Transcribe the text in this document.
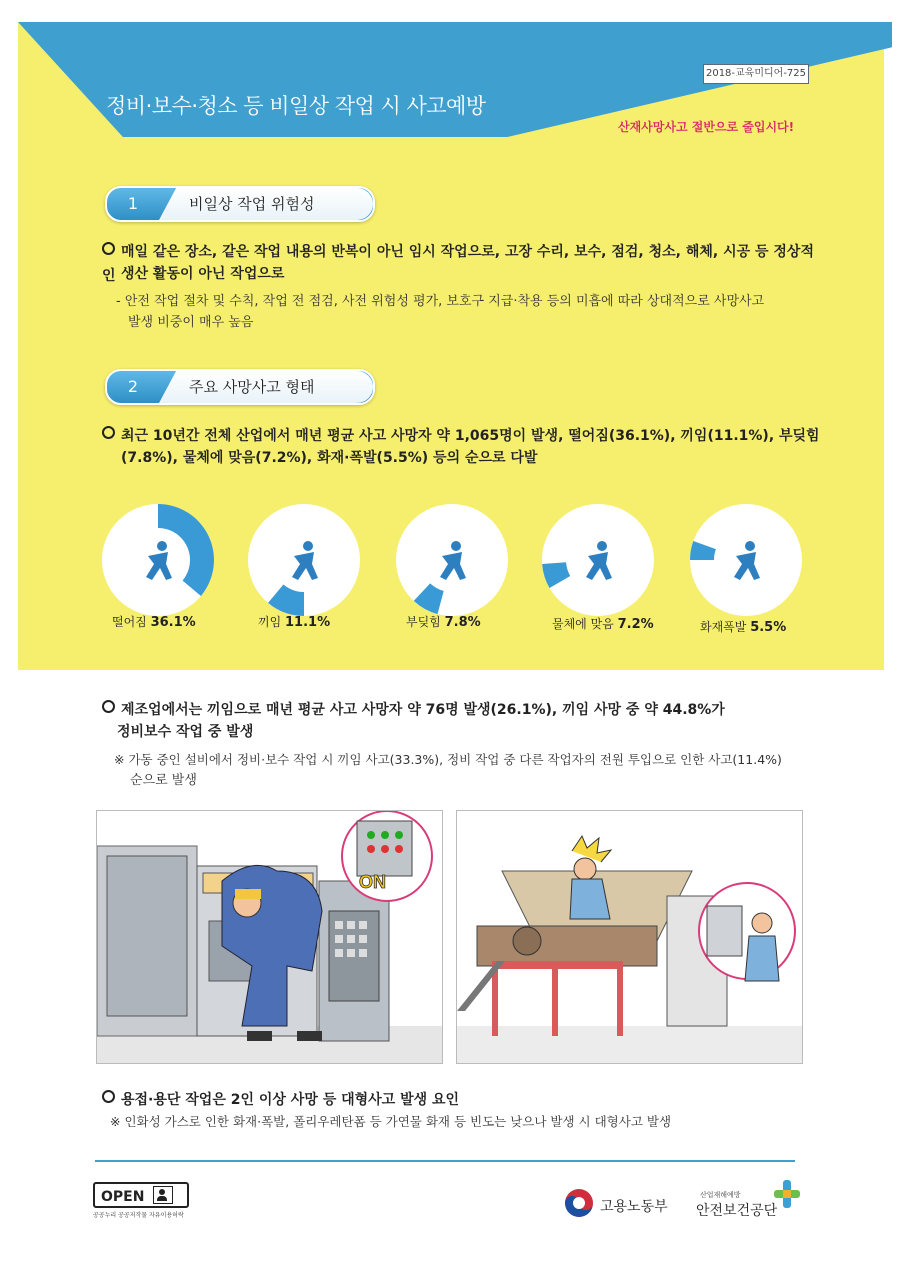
정비·보수·청소 등 비일상 작업 시 사고예방
2018-교육미디어-725
산재사망사고 절반으로 줄입시다!
1	비일상 작업 위험성
매일 같은 장소, 같은 작업 내용의 반복이 아닌 임시 작업으로, 고장 수리, 보수, 점검, 청소, 해체, 시공 등 정상적인 생산 활동이 아닌 작업으로
- 안전 작업 절차 및 수칙, 작업 전 점검, 사전 위험성 평가, 보호구 지급·착용 등의 미흡에 따라 상대적으로 사망사고
발생 비중이 매우 높음
2	주요 사망사고 형태
최근 10년간 전체 산업에서 매년 평균 사고 사망자 약 1,065명이 발생, 떨어짐(36.1%), 끼임(11.1%), 부딪힘
(7.8%), 물체에 맞음(7.2%), 화재·폭발(5.5%) 등의 순으로 다발
떨어짐 36.1%	끼임 11.1%	부딪힘 7.8%	물체에 맞음 7.2%	화재폭발 5.5%
제조업에서는 끼임으로 매년 평균 사고 사망자 약 76명 발생(26.1%), 끼임 사망 중 약 44.8%가
정비보수 작업 중 발생
※ 가동 중인 설비에서 정비·보수 작업 시 끼임 사고(33.3%), 정비 작업 중 다른 작업자의 전원 투입으로 인한 사고(11.4%)
순으로 발생
ON
용접·용단 작업은 2인 이상 사망 등 대형사고 발생 요인
※ 인화성 가스로 인한 화재·폭발, 폴리우레탄폼 등 가연물 화재 등 빈도는 낮으나 발생 시 대형사고 발생
OPEN
공공누리 공공저작물 자유이용허락
고용노동부
산업재해예방
안전보건공단
